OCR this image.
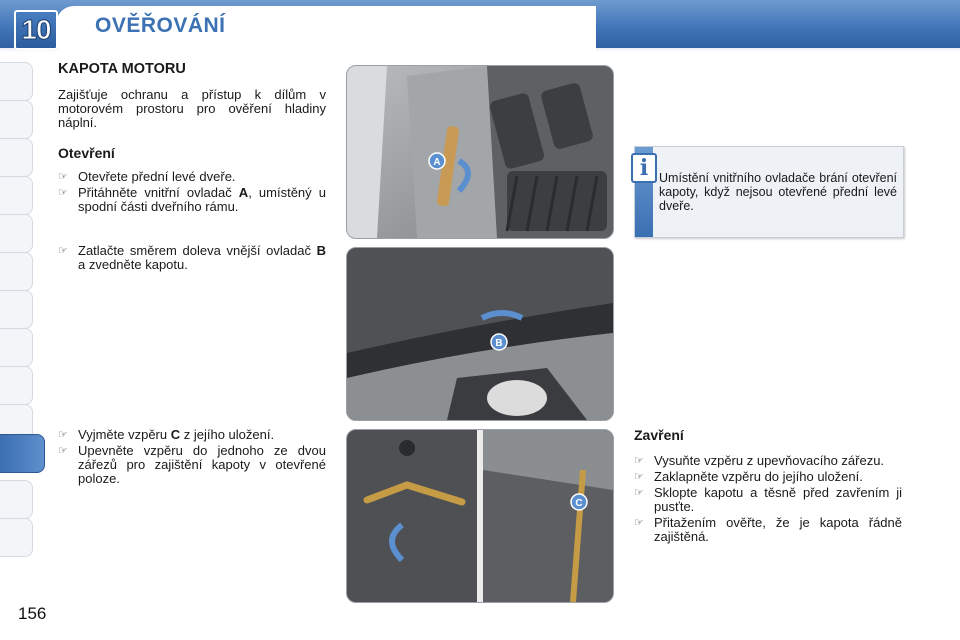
10	OVĚŘOVÁNÍ
156

KAPOTA MOTORU

Zajišťuje ochranu a přístup k dílům v motorovém prostoru pro ověření hladiny náplní.

Otevření

☞ Otevřete přední levé dveře.

☞ Přitáhněte vnitřní ovladač A, umístěný u spodní části dveřního rámu.

☞ Zatlačte směrem doleva vnější ovladač B a zvedněte kapotu.

☞ Vyjměte vzpěru C z jejího uložení.

☞ Upevněte vzpěru do jednoho ze dvou zářezů pro zajištění kapoty v otevřené poloze.

A
B
C
i Umístění vnitřního ovladače brání otevření kapoty, když nejsou otevřené přední levé dveře.

Zavření

☞ Vysuňte vzpěru z upevňovacího zářezu.

☞ Zaklapněte vzpěru do jejího uložení.

☞ Sklopte kapotu a těsně před zavřením ji pusťte.

☞ Přitažením ověřte, že je kapota řádně zajištěná.
